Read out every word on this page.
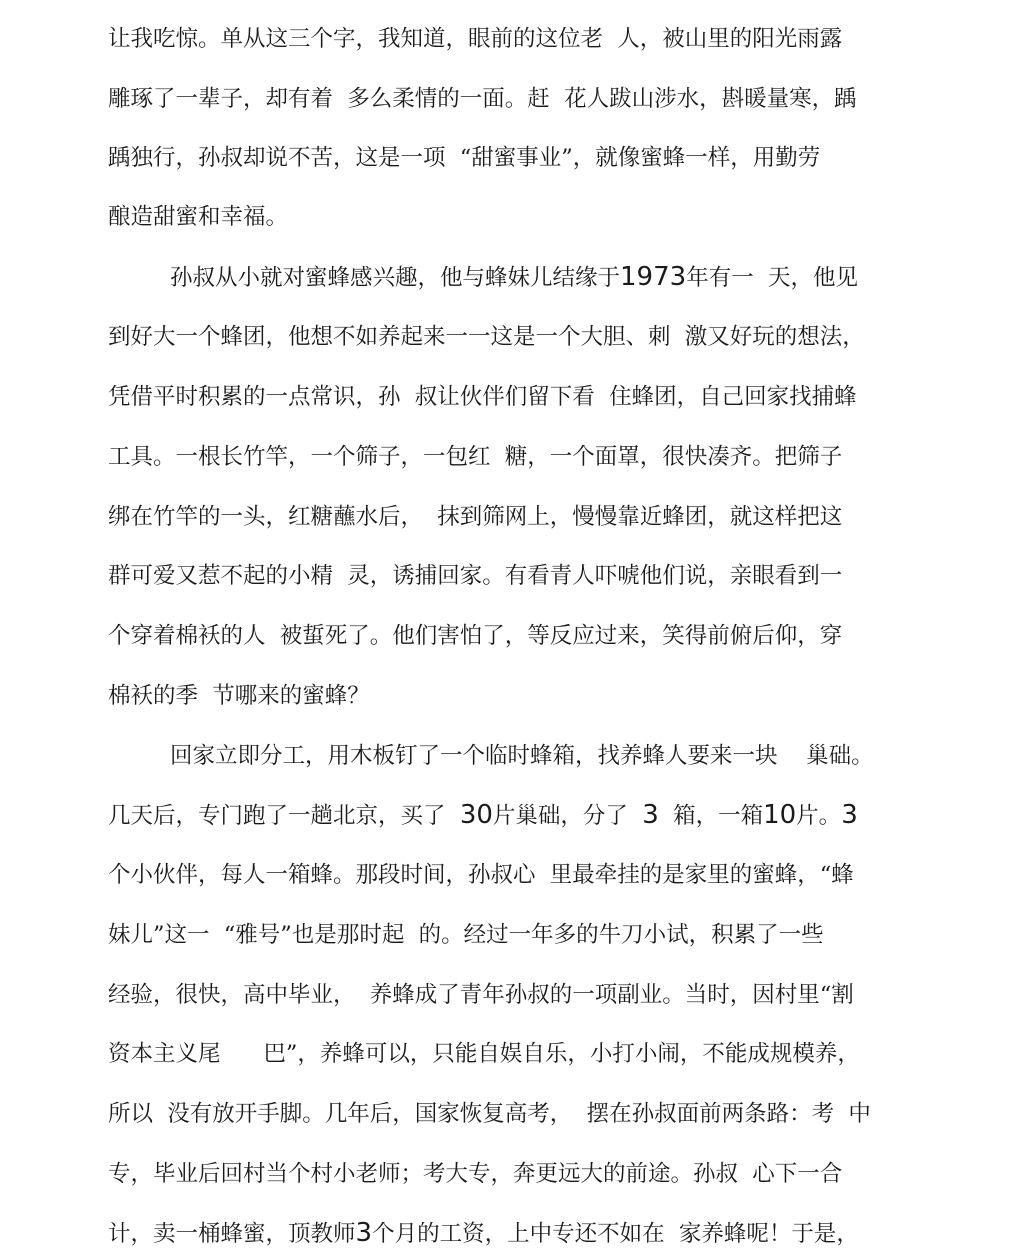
让我吃惊。单从这三个字，我知道，眼前的这位老  人，被山里的阳光雨露
雕琢了一辈子，却有着  多么柔情的一面。赶  花人跋山涉水，斟暖量寒，踽
踽独行，孙叔却说不苦，这是一项  “甜蜜事业”，就像蜜蜂一样，用勤劳
酿造甜蜜和幸福。
孙叔从小就对蜜蜂感兴趣，他与蜂妹儿结缘于1973年有一  天，他见
到好大一个蜂团，他想不如养起来一一这是一个大胆、刺  激又好玩的想法，
凭借平时积累的一点常识，孙  叔让伙伴们留下看  住蜂团，自己回家找捕蜂
工具。一根长竹竿，一个筛子，一包红  糖，一个面罩，很快凑齐。把筛子
绑在竹竿的一头，红糖蘸水后，  抹到筛网上，慢慢靠近蜂团，就这样把这
群可爱又惹不起的小精  灵，诱捕回家。有看青人吓唬他们说，亲眼看到一
个穿着棉袄的人  被蜇死了。他们害怕了，等反应过来，笑得前俯后仰，穿
棉袄的季  节哪来的蜜蜂？
回家立即分工，用木板钉了一个临时蜂箱，找养蜂人要来一块    巢础。
几天后，专门跑了一趟北京，买了  30片巢础，分了  3  箱，一箱10片。3
个小伙伴，每人一箱蜂。那段时间，孙叔心  里最牵挂的是家里的蜜蜂，“蜂
妹儿”这一  “雅号”也是那时起  的。经过一年多的牛刀小试，积累了一些
经验，很快，高中毕业，  养蜂成了青年孙叔的一项副业。当时，因村里“割
资本主义尾      巴”，养蜂可以，只能自娱自乐，小打小闹，不能成规模养，
所以  没有放开手脚。几年后，国家恢复高考，  摆在孙叔面前两条路：考  中
专，毕业后回村当个村小老师；考大专，奔更远大的前途。孙叔  心下一合
计，卖一桶蜂蜜，顶教师3个月的工资，上中专还不如在  家养蜂呢！于是，
